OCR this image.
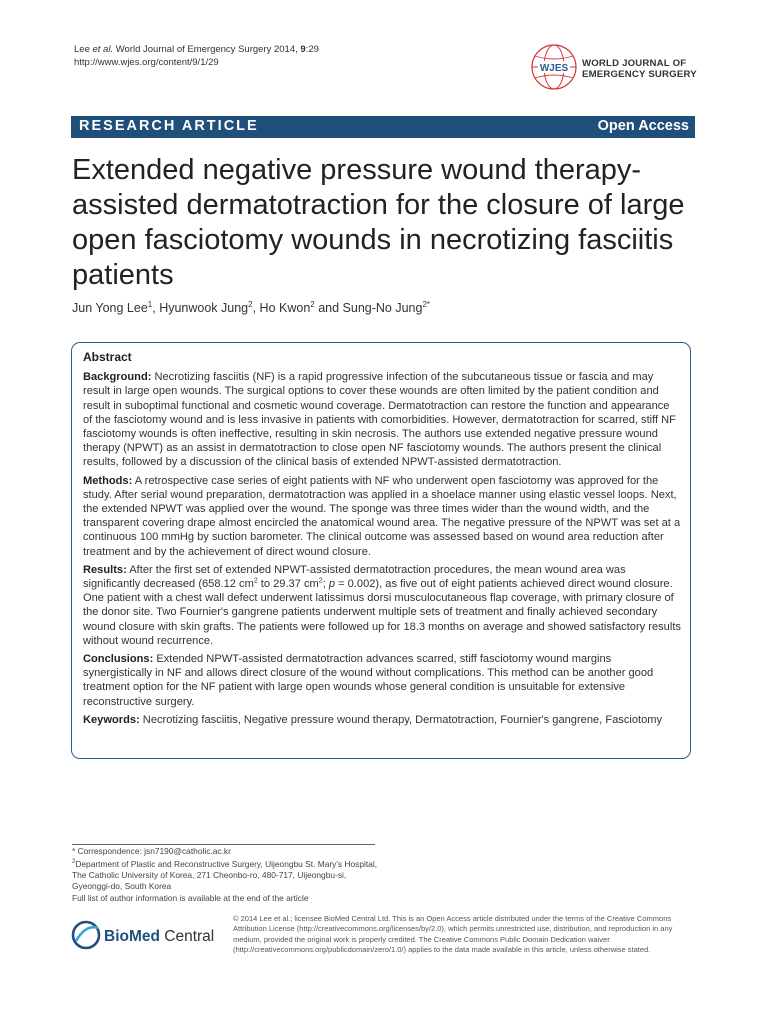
Lee et al. World Journal of Emergency Surgery 2014, 9:29
http://www.wjes.org/content/9/1/29
WJES WORLD JOURNAL OF
EMERGENCY SURGERY
RESEARCH ARTICLE	Open Access
Extended negative pressure wound therapy-assisted dermatotraction for the closure of large open fasciotomy wounds in necrotizing fasciitis patients
Jun Yong Lee$^1$, Hyunwook Jung$^2$, Ho Kwon$^2$ and Sung-No Jung$^{2*}$
Abstract

Background: Necrotizing fasciitis (NF) is a rapid progressive infection of the subcutaneous tissue or fascia and may result in large open wounds. The surgical options to cover these wounds are often limited by the patient condition and result in suboptimal functional and cosmetic wound coverage. Dermatotraction can restore the function and appearance of the fasciotomy wound and is less invasive in patients with comorbidities. However, dermatotraction for scarred, stiff NF fasciotomy wounds is often ineffective, resulting in skin necrosis. The authors use extended negative pressure wound therapy (NPWT) as an assist in dermatotraction to close open NF fasciotomy wounds. The authors present the clinical results, followed by a discussion of the clinical basis of extended NPWT-assisted dermatotraction.

Methods: A retrospective case series of eight patients with NF who underwent open fasciotomy was approved for the study. After serial wound preparation, dermatotraction was applied in a shoelace manner using elastic vessel loops. Next, the extended NPWT was applied over the wound. The sponge was three times wider than the wound width, and the transparent covering drape almost encircled the anatomical wound area. The negative pressure of the NPWT was set at a continuous 100 mmHg by suction barometer. The clinical outcome was assessed based on wound area reduction after treatment and by the achievement of direct wound closure.

Results: After the first set of extended NPWT-assisted dermatotraction procedures, the mean wound area was significantly decreased (658.12 $cm^2$ to 29.37 $cm^2$; p = 0.002), as five out of eight patients achieved direct wound closure. One patient with a chest wall defect underwent latissimus dorsi musculocutaneous flap coverage, with primary closure of the donor site. Two Fournier's gangrene patients underwent multiple sets of treatment and finally achieved secondary wound closure with skin grafts. The patients were followed up for 18.3 months on average and showed satisfactory results without wound recurrence.

Conclusions: Extended NPWT-assisted dermatotraction advances scarred, stiff fasciotomy wound margins synergistically in NF and allows direct closure of the wound without complications. This method can be another good treatment option for the NF patient with large open wounds whose general condition is unsuitable for extensive reconstructive surgery.

Keywords: Necrotizing fasciitis, Negative pressure wound therapy, Dermatotraction, Fournier's gangrene, Fasciotomy

* Correspondence: jsn7190@catholic.ac.kr
$^2$Department of Plastic and Reconstructive Surgery, Uijeongbu St. Mary's Hospital, The Catholic University of Korea, 271 Cheonbo-ro, 480-717, Uijeongbu-si, Gyeonggi-do, South Korea
Full list of author information is available at the end of the article
BioMed Central
© 2014 Lee et al.; licensee BioMed Central Ltd. This is an Open Access article distributed under the terms of the Creative Commons Attribution License (http://creativecommons.org/licenses/by/2.0), which permits unrestricted use, distribution, and reproduction in any medium, provided the original work is properly credited. The Creative Commons Public Domain Dedication waiver (http://creativecommons.org/publicdomain/zero/1.0/) applies to the data made available in this article, unless otherwise stated.
